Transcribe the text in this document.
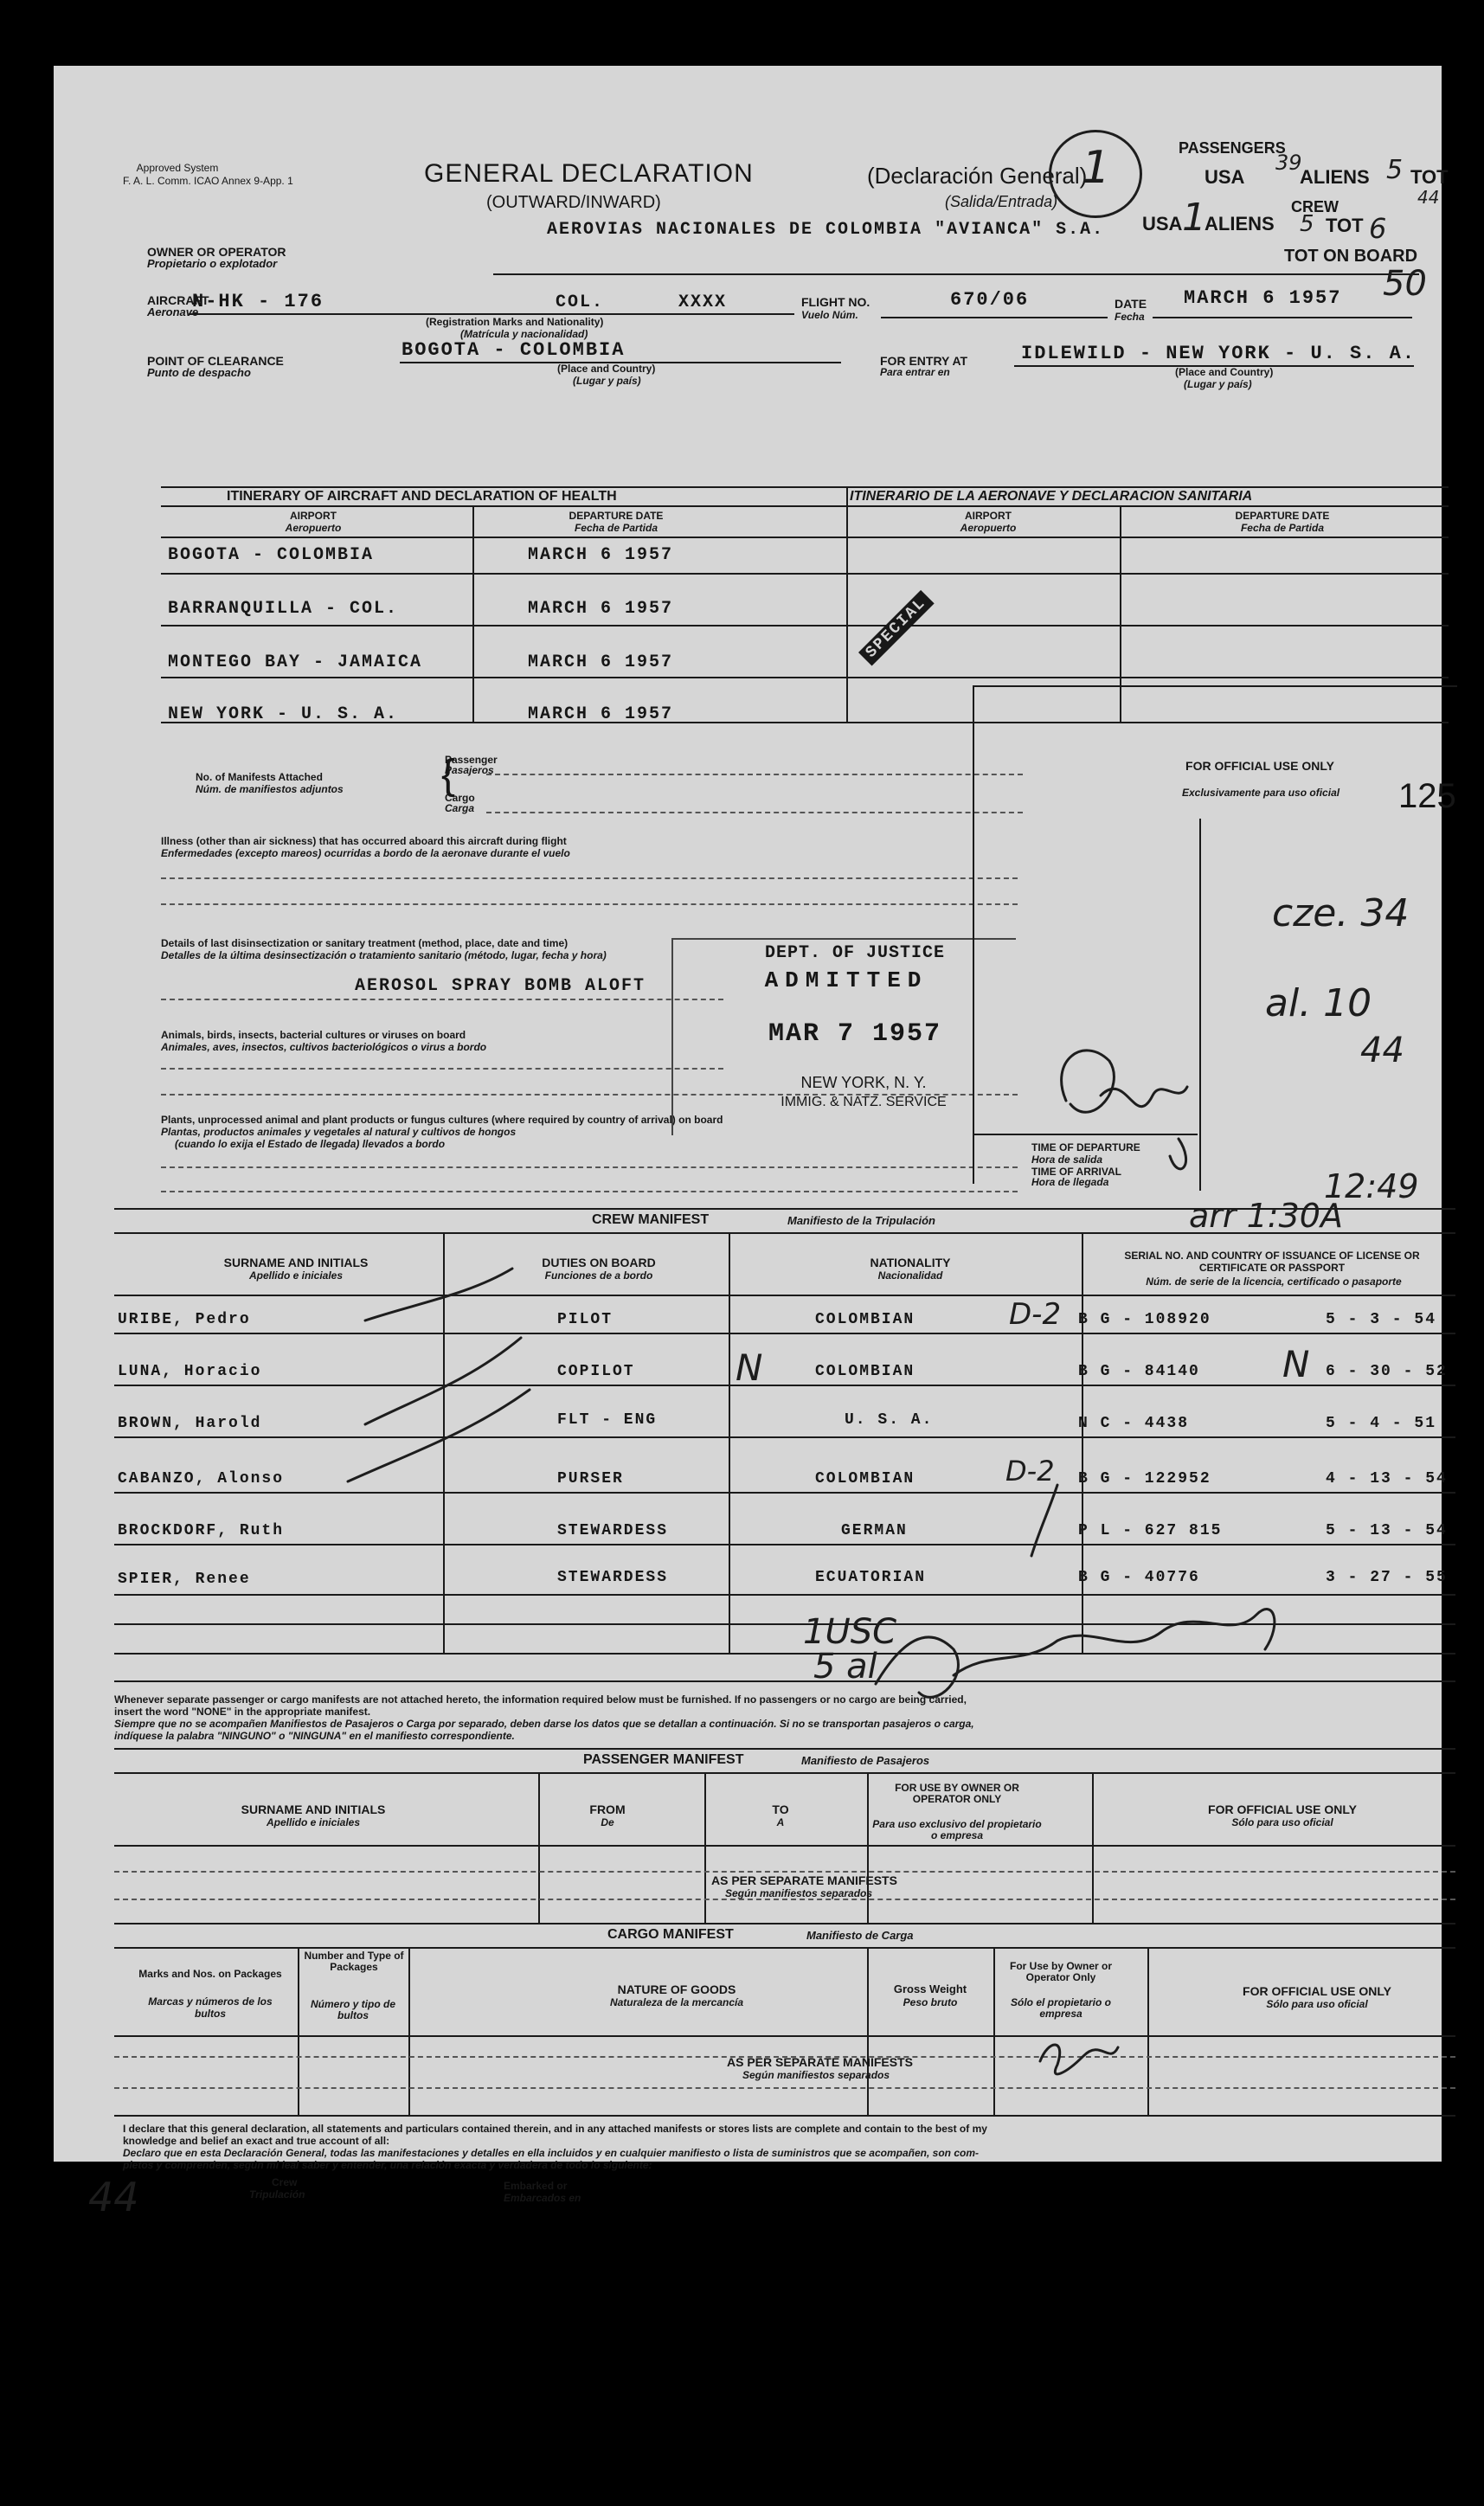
Approved System
F. A. L. Comm. ICAO Annex 9-App. 1	GENERAL DECLARATION
(OUTWARD/INWARD)
(Declaración General)
(Salida/Entrada)
PASSENGERS
USA	ALIENS TOT
CREW
USA ALIENS	TOT
TOT ON BOARD
OWNER OR OPERATOR
Propietario o explotador
AEROVIAS NACIONALES DE COLOMBIA "AVIANCA" S.A.
AIRCRAFT
Aeronave
N-HK - 176	COL.	XXXX
(Registration Marks and Nationality)
(Matrícula y nacionalidad)
FLIGHT NO.
Vuelo Núm.
670/06	DATE
Fecha
MARCH 6 1957
POINT OF CLEARANCE
Punto de despacho
BOGOTA - COLOMBIA
(Place and Country)
(Lugar y país)
FOR ENTRY AT
Para entrar en
IDLEWILD - NEW YORK - U. S. A.
(Place and Country)
(Lugar y país)
ITINERARY OF AIRCRAFT AND DECLARATION OF HEALTH	ITINERARIO DE LA AERONAVE Y DECLARACION SANITARIA
AIRPORT
Aeropuerto
DEPARTURE DATE
Fecha de Partida
AIRPORT
Aeropuerto
DEPARTURE DATE
Fecha de Partida
BOGOTA - COLOMBIA	MARCH 6 1957
BARRANQUILLA - COL.	MARCH 6 1957
MONTEGO BAY - JAMAICA	MARCH 6 1957
NEW YORK - U. S. A.	MARCH 6 1957
SPECIAL
No. of Manifests Attached
Núm. de manifiestos adjuntos {
Passenger
Pasajeros
Cargo
Carga
Illness (other than air sickness) that has occurred aboard this aircraft during flight
Enfermedades (excepto mareos) ocurridas a bordo de la aeronave durante el vuelo
Details of last disinsectization or sanitary treatment (method, place, date and time)
Detalles de la última desinsectización o tratamiento sanitario (método, lugar, fecha y hora)
AEROSOL SPRAY BOMB ALOFT
Animals, birds, insects, bacterial cultures or viruses on board
Animales, aves, insectos, cultivos bacteriológicos o virus a bordo
Plants, unprocessed animal and plant products or fungus cultures (where required by country of arrival) on board
Plantas, productos animales y vegetales al natural y cultivos de hongos
(cuando lo exija el Estado de llegada) llevados a bordo
DEPT. OF JUSTICE
ADMITTED
MAR 7 1957
NEW YORK, N. Y.
IMMIG. & NATZ. SERVICE
FOR OFFICIAL USE ONLY
Exclusivamente para uso oficial 125
TIME OF DEPARTURE
Hora de salida
TIME OF ARRIVAL
Hora de llegada
CREW MANIFEST	Manifiesto de la Tripulación
SURNAME AND INITIALS
Apellido e iniciales
DUTIES ON BOARD
Funciones de a bordo
NATIONALITY
Nacionalidad
SERIAL NO. AND COUNTRY OF ISSUANCE OF LICENSE OR CERTIFICATE OR PASSPORT
Núm. de serie de la licencia, certificado o pasaporte
URIBE, Pedro	PILOT	COLOMBIAN	B G - 108920	5 - 3 - 54
LUNA, Horacio	COPILOT	COLOMBIAN	B G - 84140	6 - 30 - 52
BROWN, Harold	FLT - ENG	U. S. A.	N C - 4438	5 - 4 - 51
CABANZO, Alonso	PURSER	COLOMBIAN	B G - 122952	4 - 13 - 54
BROCKDORF, Ruth	STEWARDESS	GERMAN	P L - 627 815	5 - 13 - 54
SPIER, Renee	STEWARDESS	ECUATORIAN	B G - 40776	3 - 27 - 55
Whenever separate passenger or cargo manifests are not attached hereto, the information required below must be furnished. If no passengers or no cargo are being carried,
insert the word "NONE" in the appropriate manifest.
Siempre que no se acompañen Manifiestos de Pasajeros o Carga por separado, deben darse los datos que se detallan a continuación. Si no se transportan pasajeros o carga,
indíquese la palabra "NINGUNO" o "NINGUNA" en el manifiesto correspondiente.
PASSENGER MANIFEST	Manifiesto de Pasajeros
SURNAME AND INITIALS
Apellido e iniciales
FROM
De
TO
A
FOR USE BY OWNER OR OPERATOR ONLY
Para uso exclusivo del propietario o empresa
FOR OFFICIAL USE ONLY
Sólo para uso oficial
AS PER SEPARATE MANIFESTS
Según manifiestos separados
CARGO MANIFEST	Manifiesto de Carga
Marks and Nos. on Packages
Marcas y números de los bultos
Number and Type of Packages
Número y tipo de bultos
NATURE OF GOODS
Naturaleza de la mercancía
Gross Weight
Peso bruto
For Use by Owner or Operator Only
Sólo el propietario o empresa
FOR OFFICIAL USE ONLY
Sólo para uso oficial
AS PER SEPARATE MANIFESTS
Según manifiestos separados
I declare that this general declaration, all statements and particulars contained therein, and in any attached manifests or stores lists are complete and contain to the best of my
knowledge and belief an exact and true account of all:
Declaro que en esta Declaración General, todas las manifestaciones y detalles en ella incluidos y en cualquier manifiesto o lista de suministros que se acompañen, son com-
pletos y comprenden, según mi leal saber y entender, una relación exacta y verdadera de todo lo siguiente:
Crew
Tripulación
Embarked or
Embarcados en
1	39	5
44
1	5 6
50
cze. 34
al. 10
44
12:49
arr 1:30A
D-2
N	N
D-2
1USC
5 al
44
